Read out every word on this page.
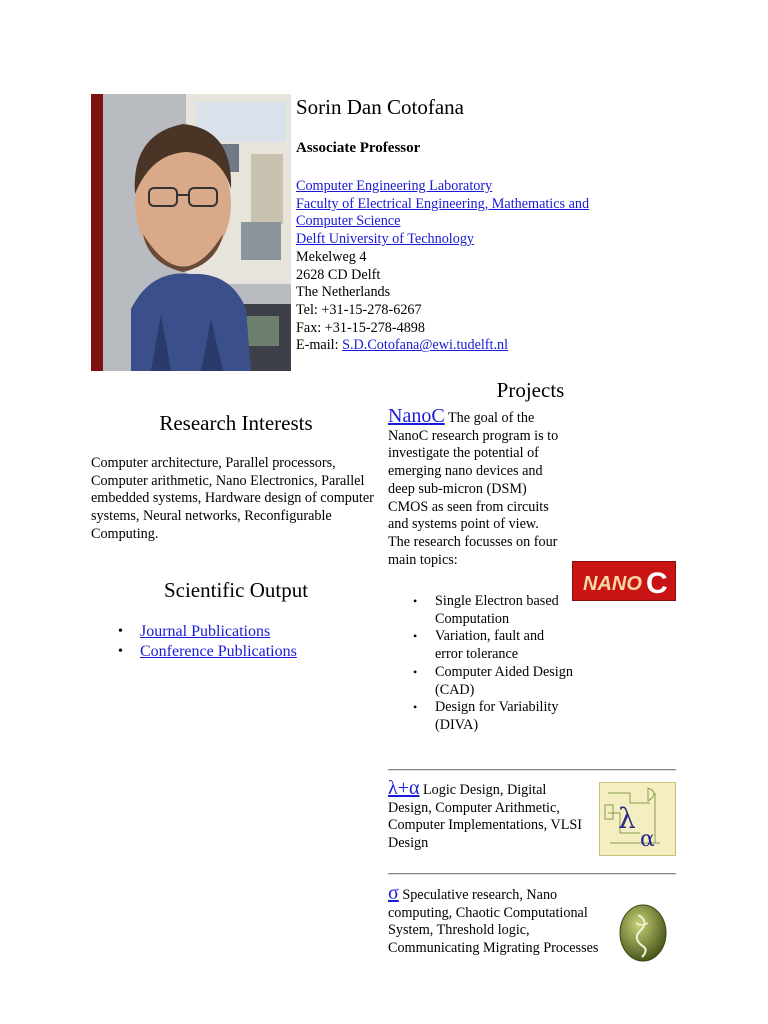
Sorin Dan Cotofana
Associate Professor
Computer Engineering Laboratory
Faculty of Electrical Engineering, Mathematics and Computer Science
Delft University of Technology
Mekelweg 4
2628 CD Delft
The Netherlands
Tel: +31-15-278-6267
Fax: +31-15-278-4898
E-mail: S.D.Cotofana@ewi.tudelft.nl
Research Interests
Computer architecture, Parallel processors, Computer arithmetic, Nano Electronics, Parallel embedded systems, Hardware design of computer systems, Neural networks, Reconfigurable Computing.
Scientific Output
• Journal Publications
• Conference Publications
Projects
NanoC The goal of the NanoC research program is to investigate the potential of emerging nano devices and deep sub-micron (DSM) CMOS as seen from circuits and systems point of view. The research focusses on four main topics:
NANO C
• Single Electron based Computation
• Variation, fault and error tolerance
• Computer Aided Design (CAD)
• Design for Variability (DIVA)
λ+α Logic Design, Digital Design, Computer Arithmetic, Computer Implementations, VLSI Design
λ
α
σ Speculative research, Nano computing, Chaotic Computational System, Threshold logic, Communicating Migrating Processes
